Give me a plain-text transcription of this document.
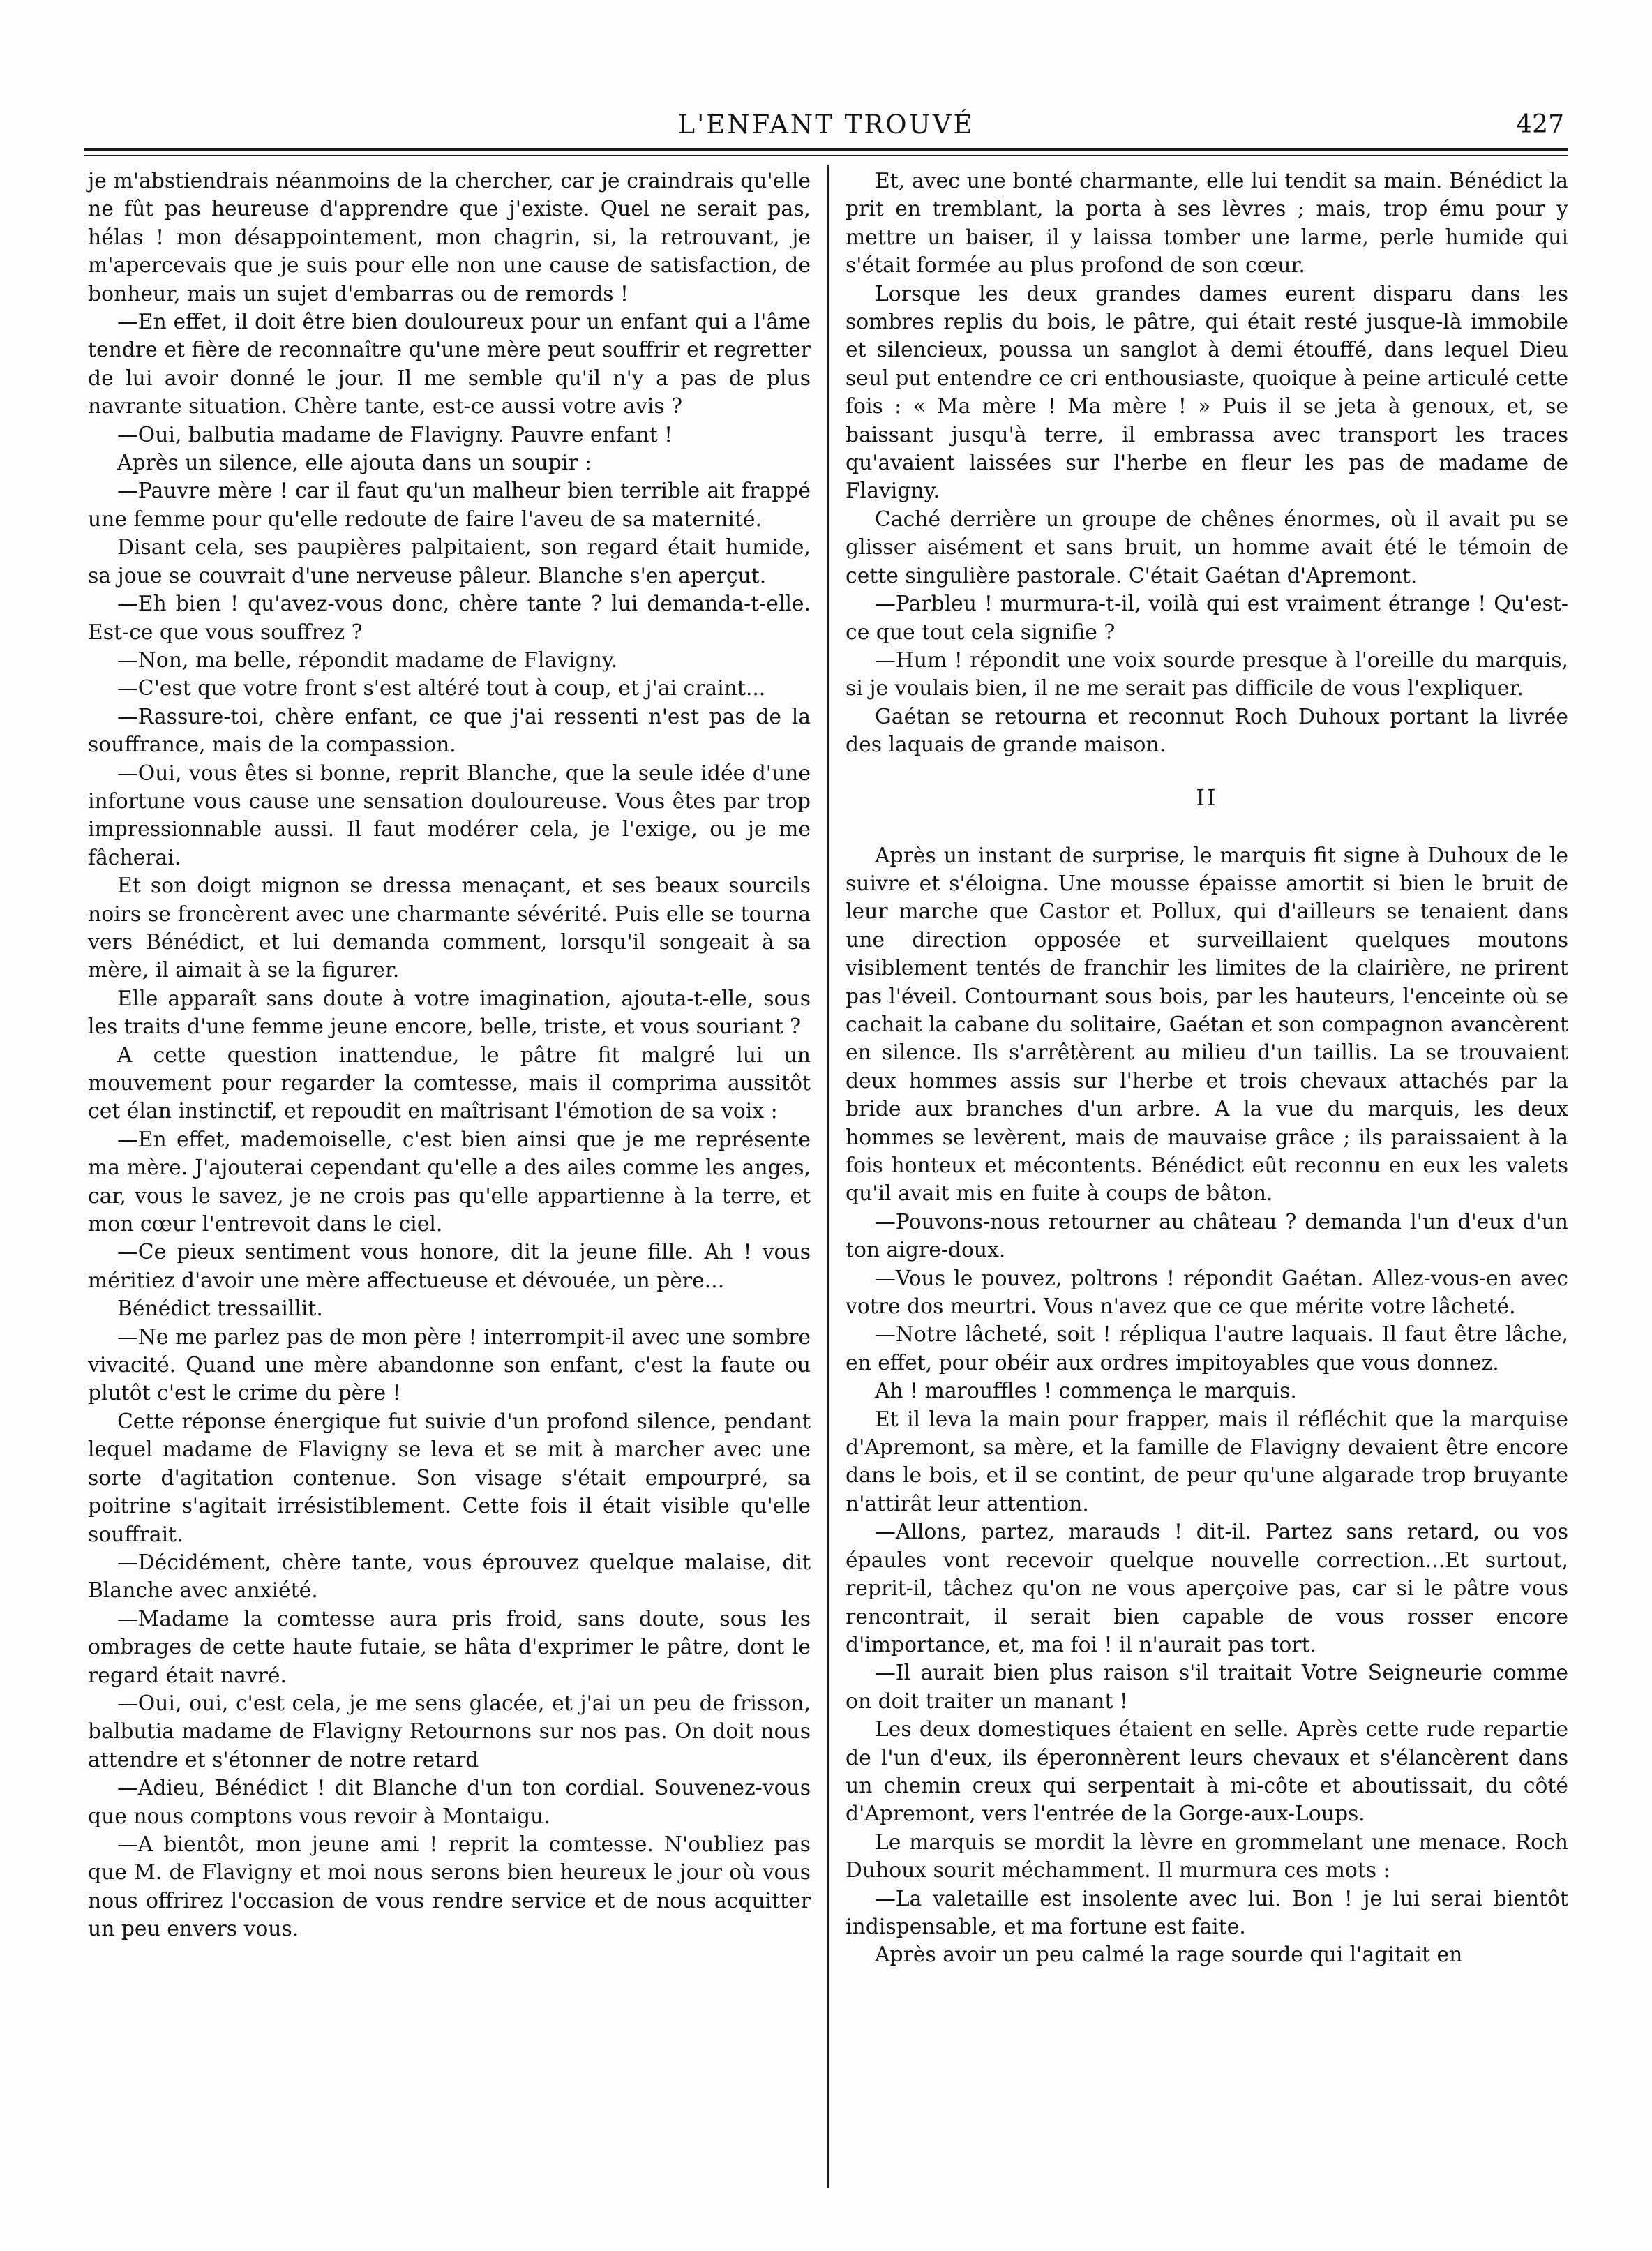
L'ENFANT TROUVÉ	427

je m'abstiendrais néanmoins de la chercher, car je craindrais qu'elle ne fût pas heureuse d'apprendre que j'existe. Quel ne serait pas, hélas ! mon désappointement, mon chagrin, si, la retrouvant, je m'apercevais que je suis pour elle non une cause de satisfaction, de bonheur, mais un sujet d'embarras ou de remords !

—En effet, il doit être bien douloureux pour un enfant qui a l'âme tendre et fière de reconnaître qu'une mère peut souffrir et regretter de lui avoir donné le jour. Il me semble qu'il n'y a pas de plus navrante situation. Chère tante, est-ce aussi votre avis ?

—Oui, balbutia madame de Flavigny. Pauvre enfant !

Après un silence, elle ajouta dans un soupir :

—Pauvre mère ! car il faut qu'un malheur bien terrible ait frappé une femme pour qu'elle redoute de faire l'aveu de sa maternité.

Disant cela, ses paupières palpitaient, son regard était humide, sa joue se couvrait d'une nerveuse pâleur. Blanche s'en aperçut.

—Eh bien ! qu'avez-vous donc, chère tante ? lui demanda-t-elle. Est-ce que vous souffrez ?

—Non, ma belle, répondit madame de Flavigny.

—C'est que votre front s'est altéré tout à coup, et j'ai craint...

—Rassure-toi, chère enfant, ce que j'ai ressenti n'est pas de la souffrance, mais de la compassion.

—Oui, vous êtes si bonne, reprit Blanche, que la seule idée d'une infortune vous cause une sensation douloureuse. Vous êtes par trop impressionnable aussi. Il faut modérer cela, je l'exige, ou je me fâcherai.

Et son doigt mignon se dressa menaçant, et ses beaux sourcils noirs se froncèrent avec une charmante sévérité. Puis elle se tourna vers Bénédict, et lui demanda comment, lorsqu'il songeait à sa mère, il aimait à se la figurer.

Elle apparaît sans doute à votre imagination, ajouta-t-elle, sous les traits d'une femme jeune encore, belle, triste, et vous souriant ?

A cette question inattendue, le pâtre fit malgré lui un mouvement pour regarder la comtesse, mais il comprima aussitôt cet élan instinctif, et repoudit en maîtrisant l'émotion de sa voix :

—En effet, mademoiselle, c'est bien ainsi que je me représente ma mère. J'ajouterai cependant qu'elle a des ailes comme les anges, car, vous le savez, je ne crois pas qu'elle appartienne à la terre, et mon cœur l'entrevoit dans le ciel.

—Ce pieux sentiment vous honore, dit la jeune fille. Ah ! vous méritiez d'avoir une mère affectueuse et dévouée, un père...

Bénédict tressaillit.

—Ne me parlez pas de mon père ! interrompit-il avec une sombre vivacité. Quand une mère abandonne son enfant, c'est la faute ou plutôt c'est le crime du père !

Cette réponse énergique fut suivie d'un profond silence, pendant lequel madame de Flavigny se leva et se mit à marcher avec une sorte d'agitation contenue. Son visage s'était empourpré, sa poitrine s'agitait irrésistiblement. Cette fois il était visible qu'elle souffrait.

—Décidément, chère tante, vous éprouvez quelque malaise, dit Blanche avec anxiété.

—Madame la comtesse aura pris froid, sans doute, sous les ombrages de cette haute futaie, se hâta d'exprimer le pâtre, dont le regard était navré.

—Oui, oui, c'est cela, je me sens glacée, et j'ai un peu de frisson, balbutia madame de Flavigny Retournons sur nos pas. On doit nous attendre et s'étonner de notre retard

—Adieu, Bénédict ! dit Blanche d'un ton cordial. Souvenez-vous que nous comptons vous revoir à Montaigu.

—A bientôt, mon jeune ami ! reprit la comtesse. N'oubliez pas que M. de Flavigny et moi nous serons bien heureux le jour où vous nous offrirez l'occasion de vous rendre service et de nous acquitter un peu envers vous.

Et, avec une bonté charmante, elle lui tendit sa main. Bénédict la prit en tremblant, la porta à ses lèvres ; mais, trop ému pour y mettre un baiser, il y laissa tomber une larme, perle humide qui s'était formée au plus profond de son cœur.

Lorsque les deux grandes dames eurent disparu dans les sombres replis du bois, le pâtre, qui était resté jusque-là immobile et silencieux, poussa un sanglot à demi étouffé, dans lequel Dieu seul put entendre ce cri enthousiaste, quoique à peine articulé cette fois : « Ma mère ! Ma mère ! » Puis il se jeta à genoux, et, se baissant jusqu'à terre, il embrassa avec transport les traces qu'avaient laissées sur l'herbe en fleur les pas de madame de Flavigny.

Caché derrière un groupe de chênes énormes, où il avait pu se glisser aisément et sans bruit, un homme avait été le témoin de cette singulière pastorale. C'était Gaétan d'Apremont.

—Parbleu ! murmura-t-il, voilà qui est vraiment étrange ! Qu'est-ce que tout cela signifie ?

—Hum ! répondit une voix sourde presque à l'oreille du marquis, si je voulais bien, il ne me serait pas difficile de vous l'expliquer.

Gaétan se retourna et reconnut Roch Duhoux portant la livrée des laquais de grande maison.

II

Après un instant de surprise, le marquis fit signe à Duhoux de le suivre et s'éloigna. Une mousse épaisse amortit si bien le bruit de leur marche que Castor et Pollux, qui d'ailleurs se tenaient dans une direction opposée et surveillaient quelques moutons visiblement tentés de franchir les limites de la clairière, ne prirent pas l'éveil. Contournant sous bois, par les hauteurs, l'enceinte où se cachait la cabane du solitaire, Gaétan et son compagnon avancèrent en silence. Ils s'arrêtèrent au milieu d'un taillis. La se trouvaient deux hommes assis sur l'herbe et trois chevaux attachés par la bride aux branches d'un arbre. A la vue du marquis, les deux hommes se levèrent, mais de mauvaise grâce ; ils paraissaient à la fois honteux et mécontents. Bénédict eût reconnu en eux les valets qu'il avait mis en fuite à coups de bâton.

—Pouvons-nous retourner au château ? demanda l'un d'eux d'un ton aigre-doux.

—Vous le pouvez, poltrons ! répondit Gaétan. Allez-vous-en avec votre dos meurtri. Vous n'avez que ce que mérite votre lâcheté.

—Notre lâcheté, soit ! répliqua l'autre laquais. Il faut être lâche, en effet, pour obéir aux ordres impitoyables que vous donnez.

Ah ! marouffles ! commença le marquis.

Et il leva la main pour frapper, mais il réfléchit que la marquise d'Apremont, sa mère, et la famille de Flavigny devaient être encore dans le bois, et il se contint, de peur qu'une algarade trop bruyante n'attirât leur attention.

—Allons, partez, marauds ! dit-il. Partez sans retard, ou vos épaules vont recevoir quelque nouvelle correction...Et surtout, reprit-il, tâchez qu'on ne vous aperçoive pas, car si le pâtre vous rencontrait, il serait bien capable de vous rosser encore d'importance, et, ma foi ! il n'aurait pas tort.

—Il aurait bien plus raison s'il traitait Votre Seigneurie comme on doit traiter un manant !

Les deux domestiques étaient en selle. Après cette rude repartie de l'un d'eux, ils éperonnèrent leurs chevaux et s'élancèrent dans un chemin creux qui serpentait à mi-côte et aboutissait, du côté d'Apremont, vers l'entrée de la Gorge-aux-Loups.

Le marquis se mordit la lèvre en grommelant une menace. Roch Duhoux sourit méchamment. Il murmura ces mots :

—La valetaille est insolente avec lui. Bon ! je lui serai bientôt indispensable, et ma fortune est faite.

Après avoir un peu calmé la rage sourde qui l'agitait en
